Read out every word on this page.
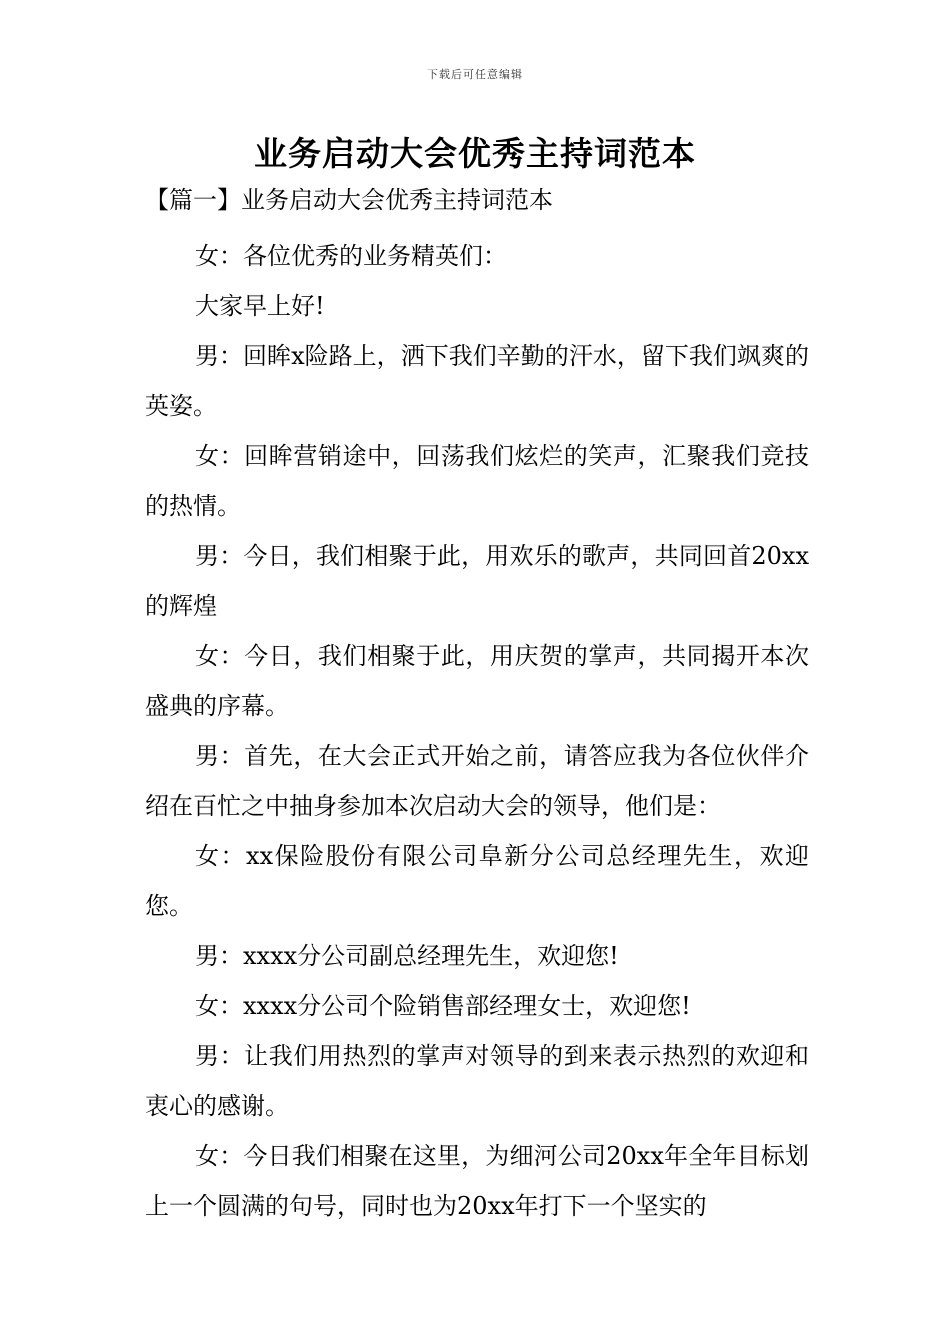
下载后可任意编辑
业务启动大会优秀主持词范本
【篇一】业务启动大会优秀主持词范本

女：各位优秀的业务精英们：

大家早上好!

男：回眸x险路上，洒下我们辛勤的汗水，留下我们飒爽的英姿。

女：回眸营销途中，回荡我们炫烂的笑声，汇聚我们竞技的热情。

男：今日，我们相聚于此，用欢乐的歌声，共同回首20xx的辉煌

女：今日，我们相聚于此，用庆贺的掌声，共同揭开本次盛典的序幕。

男：首先，在大会正式开始之前，请答应我为各位伙伴介绍在百忙之中抽身参加本次启动大会的领导，他们是：

女：xx保险股份有限公司阜新分公司总经理先生，欢迎您。

男：xxxx分公司副总经理先生，欢迎您!

女：xxxx分公司个险销售部经理女士，欢迎您!

男：让我们用热烈的掌声对领导的到来表示热烈的欢迎和衷心的感谢。

女：今日我们相聚在这里，为细河公司20xx年全年目标划上一个圆满的句号，同时也为20xx年打下一个坚实的
